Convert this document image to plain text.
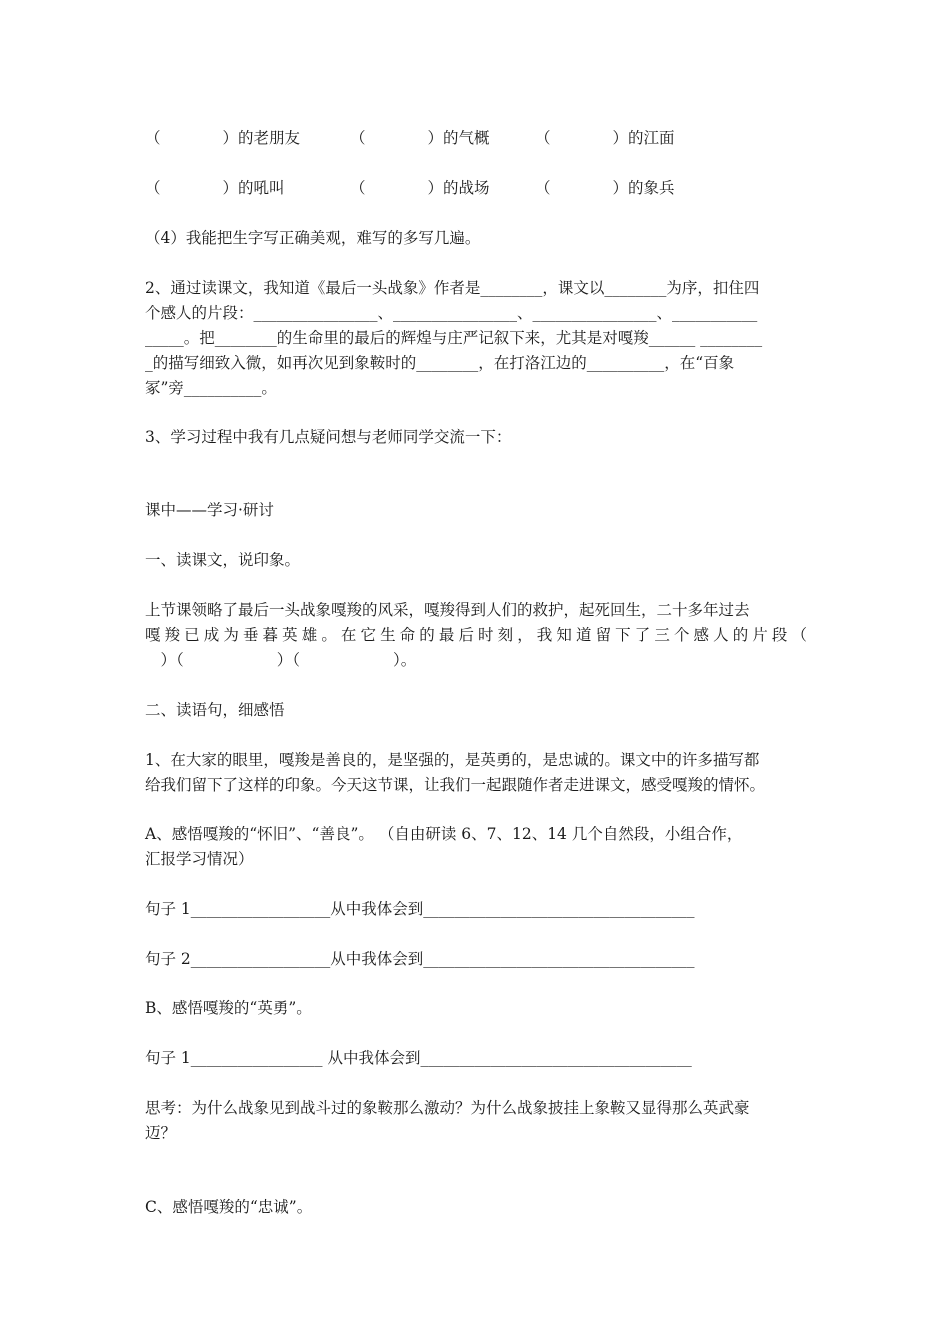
（　　　　）的老朋友	（　　　　）的气概	（　　　　）的江面
（　　　　）的吼叫	（　　　　）的战场	（　　　　）的象兵
（4）我能把生字写正确美观，难写的多写几遍。
2、通过读课文，我知道《最后一头战象》作者是________，课文以________为序，扣住四
个感人的片段：________________、________________、________________、___________
_____。把________的生命里的最后的辉煌与庄严记叙下来，尤其是对嘎羧______ ________
_的描写细致入微，如再次见到象鞍时的________，在打洛江边的__________，在“百象
冢”旁__________。
3、学习过程中我有几点疑问想与老师同学交流一下：
课中——学习·研讨
一、读课文，说印象。
上节课领略了最后一头战象嘎羧的风采，嘎羧得到人们的救护，起死回生，二十多年过去
嘎羧已成为垂暮英雄。在它生命的最后时刻，我知道留下了三个感人的片段（
　）（　　　　　　）（　　　　　　）。
二、读语句，细感悟
1、在大家的眼里，嘎羧是善良的，是坚强的，是英勇的，是忠诚的。课文中的许多描写都
给我们留下了这样的印象。今天这节课，让我们一起跟随作者走进课文，感受嘎羧的情怀。
A、感悟嘎羧的“怀旧”、“善良”。 （自由研读 6、7、12、14 几个自然段，小组合作，
汇报学习情况）
句子 1__________________从中我体会到___________________________________
句子 2__________________从中我体会到___________________________________
B、感悟嘎羧的“英勇”。
句子 1_________________ 从中我体会到___________________________________
思考：为什么战象见到战斗过的象鞍那么激动？为什么战象披挂上象鞍又显得那么英武豪
迈？
C、感悟嘎羧的“忠诚”。
